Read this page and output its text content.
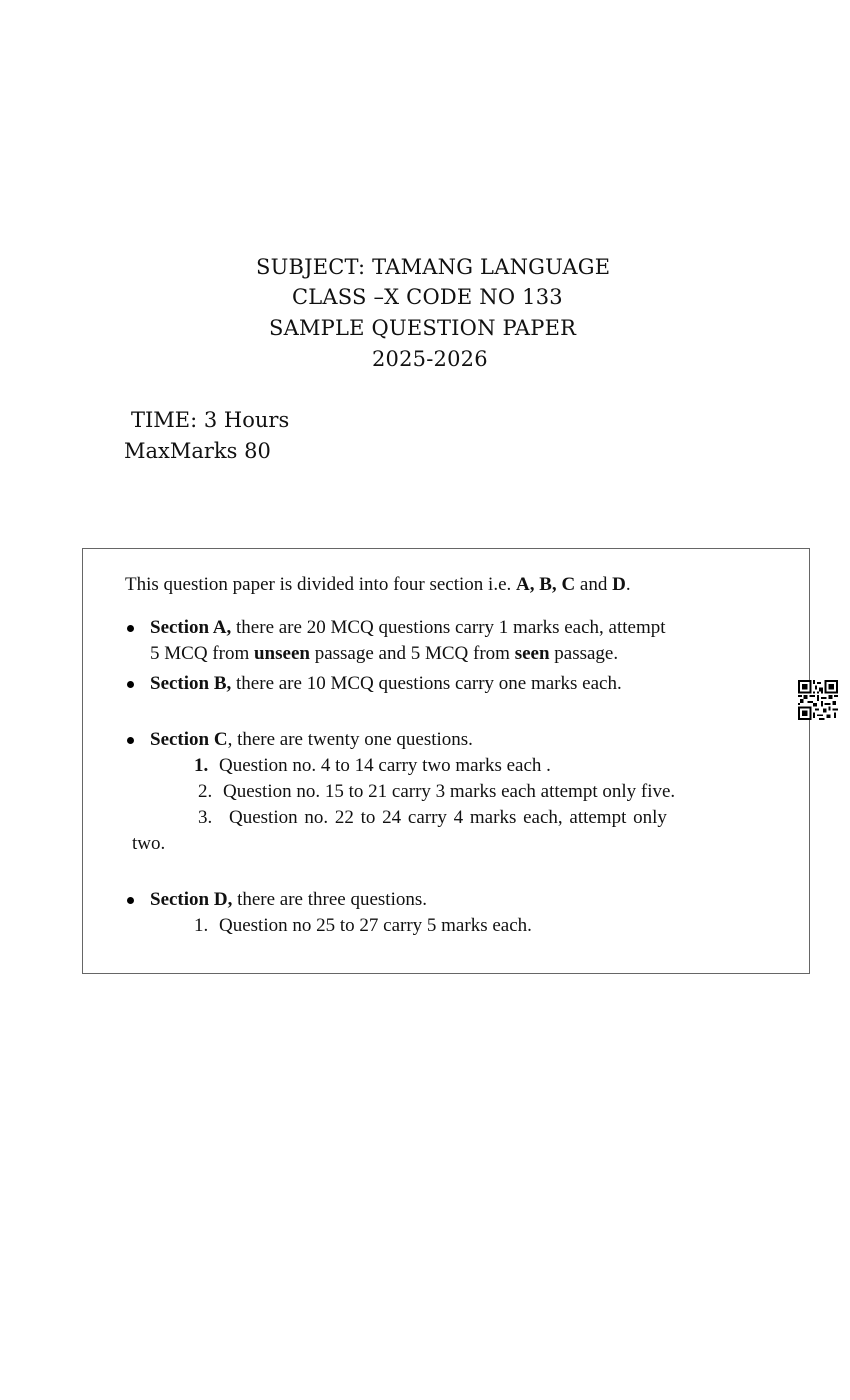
SUBJECT: TAMANG LANGUAGE
CLASS –X CODE NO 133
SAMPLE QUESTION PAPER
2025-2026
TIME: 3 Hours
MaxMarks 80
This question paper is divided into four section i.e. A, B, C and D.
Section A, there are 20 MCQ questions carry 1 marks each, attempt
5 MCQ from unseen passage and 5 MCQ from seen passage.
Section B, there are 10 MCQ questions carry one marks each.
Section C, there are twenty one questions.
1. Question no. 4 to 14 carry two marks each .
2. Question no. 15 to 21 carry 3 marks each attempt only five.
3. Question no. 22 to 24 carry 4 marks each, attempt only
two.
Section D, there are three questions.
1. Question no 25 to 27 carry 5 marks each.
